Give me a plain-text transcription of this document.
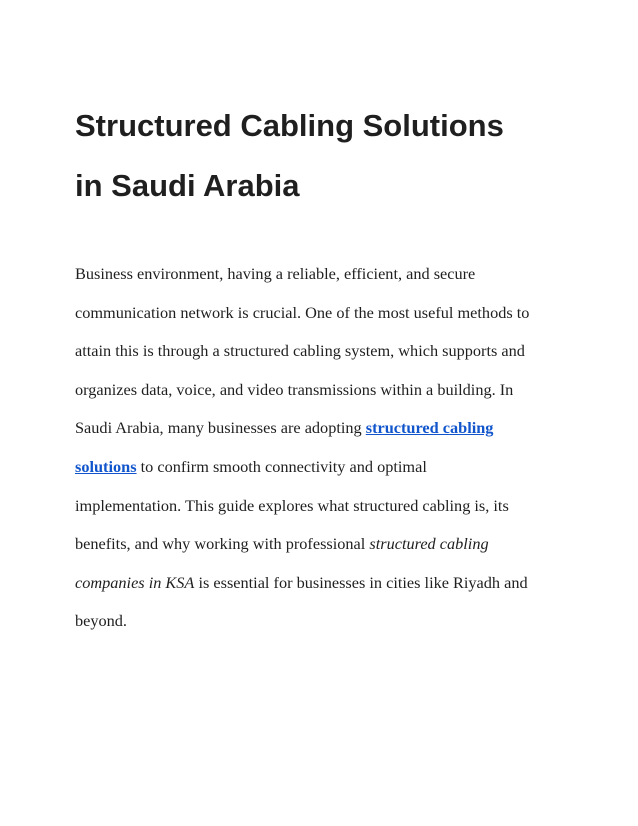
Structured Cabling Solutions
in Saudi Arabia

Business environment, having a reliable, efficient, and secure
communication network is crucial. One of the most useful methods to
attain this is through a structured cabling system, which supports and
organizes data, voice, and video transmissions within a building. In
Saudi Arabia, many businesses are adopting structured cabling
solutions to confirm smooth connectivity and optimal
implementation. This guide explores what structured cabling is, its
benefits, and why working with professional structured cabling
companies in KSA is essential for businesses in cities like Riyadh and
beyond.
